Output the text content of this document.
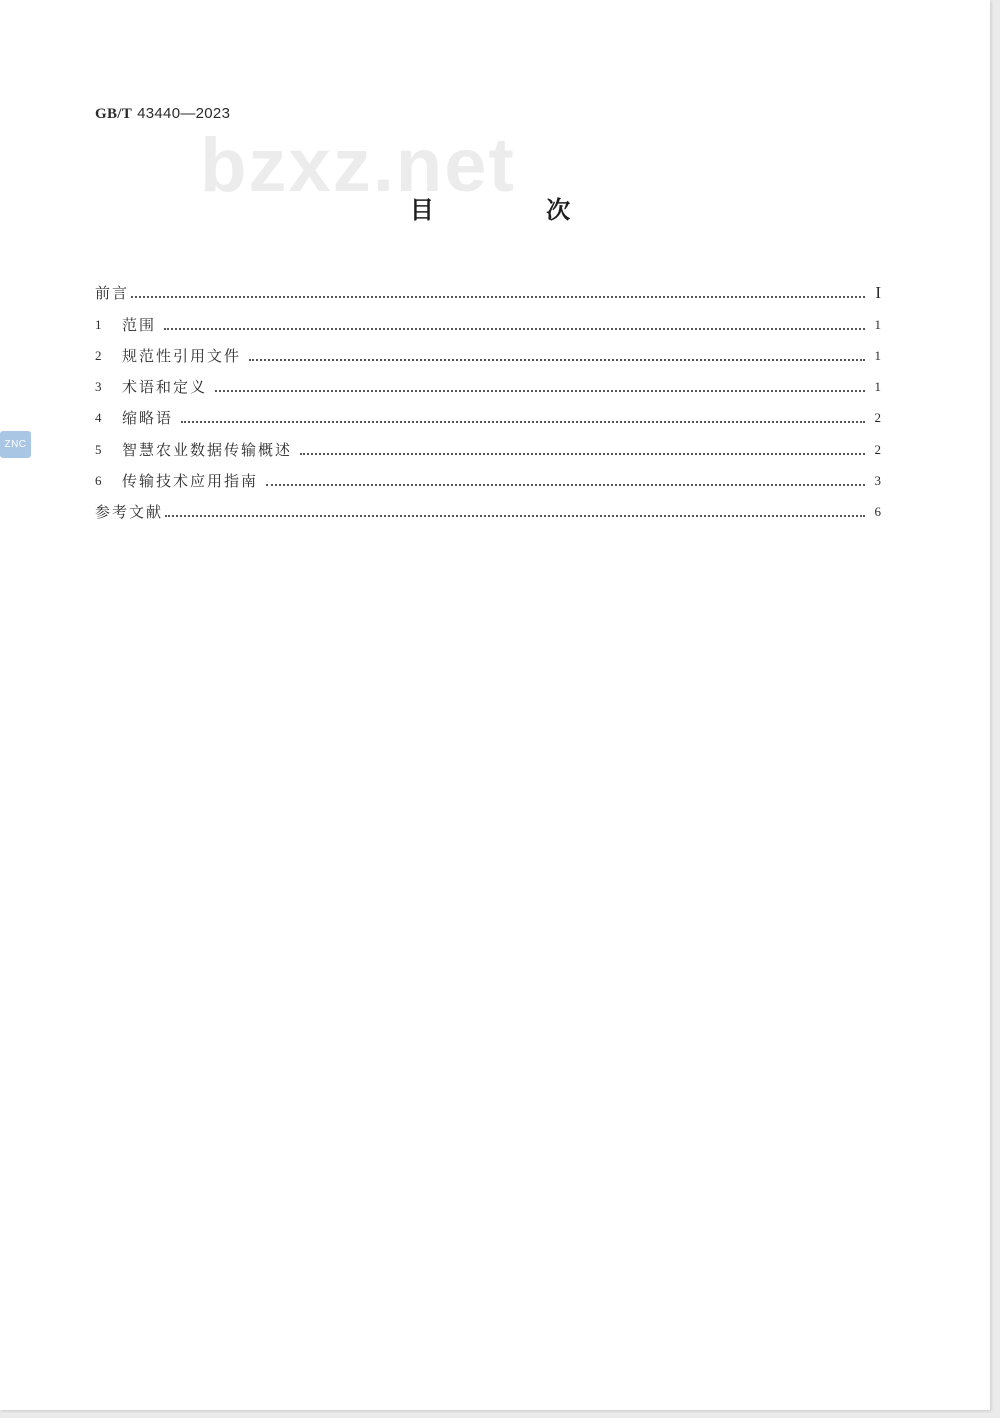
GB/T 43440—2023
bzxz.net
目 次
前言	I
1	范围	1
2	规范性引用文件	1
3	术语和定义	1
4	缩略语	2
5	智慧农业数据传输概述	2
6	传输技术应用指南	3
参考文献	6
ZNC
